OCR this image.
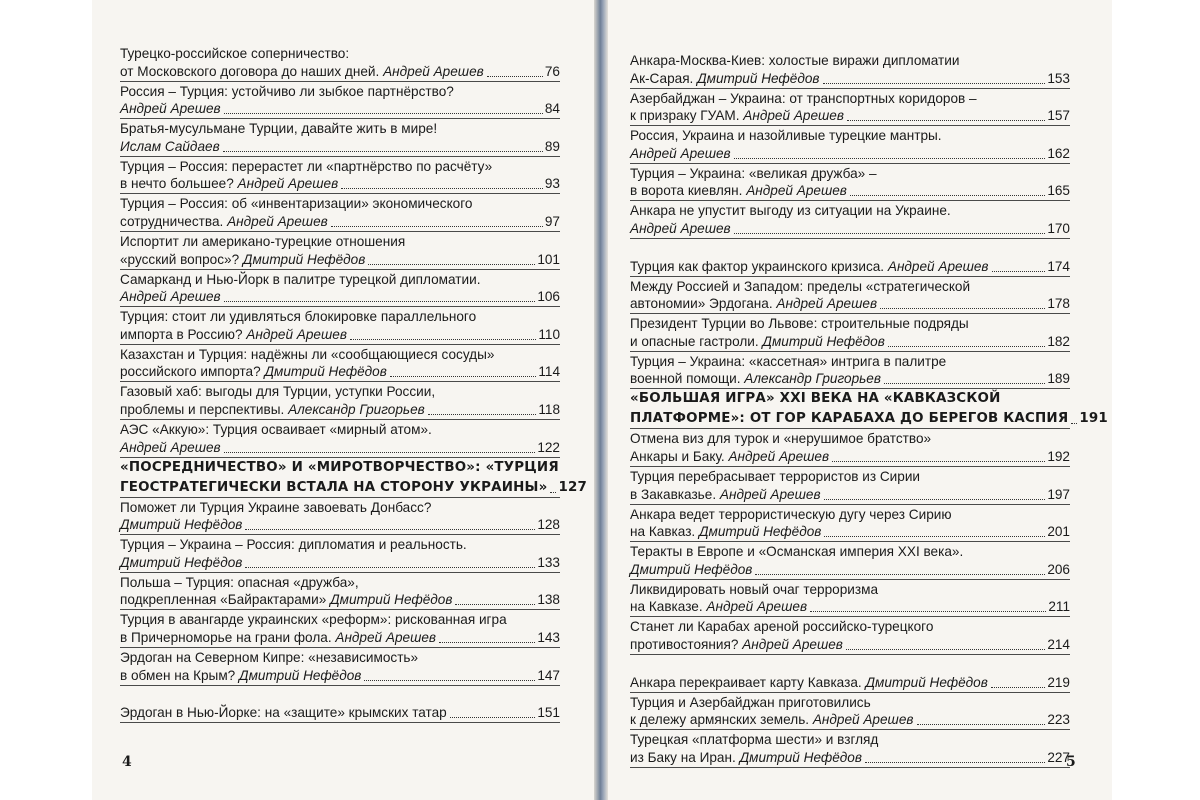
Турецко-российское соперничество:
от Московского договора до наших дней. Андрей Арешев	76
Россия – Турция: устойчиво ли зыбкое партнёрство?
Андрей Арешев	84
Братья-мусульмане Турции, давайте жить в мире!
Ислам Сайдаев	89
Турция – Россия: перерастет ли «партнёрство по расчёту»
в нечто большее? Андрей Арешев	93
Турция – Россия: об «инвентаризации» экономического
сотрудничества. Андрей Арешев	97
Испортит ли американо-турецкие отношения
«русский вопрос»? Дмитрий Нефёдов	101
Самарканд и Нью-Йорк в палитре турецкой дипломатии.
Андрей Арешев	106
Турция: стоит ли удивляться блокировке параллельного
импорта в Россию? Андрей Арешев	110
Казахстан и Турция: надёжны ли «сообщающиеся сосуды»
российского импорта? Дмитрий Нефёдов	114
Газовый хаб: выгоды для Турции, уступки России,
проблемы и перспективы. Александр Григорьев	118
АЭС «Аккую»: Турция осваивает «мирный атом».
Андрей Арешев	122
«ПОСРЕДНИЧЕСТВО» И «МИРОТВОРЧЕСТВО»: «ТУРЦИЯ
ГЕОСТРАТЕГИЧЕСКИ ВСТАЛА НА СТОРОНУ УКРАИНЫ» 127
Поможет ли Турция Украине завоевать Донбасс?
Дмитрий Нефёдов	128
Турция – Украина – Россия: дипломатия и реальность.
Дмитрий Нефёдов	133
Польша – Турция: опасная «дружба»,
подкрепленная «Байрактарами» Дмитрий Нефёдов	138
Турция в авангарде украинских «реформ»: рискованная игра
в Причерноморье на грани фола. Андрей Арешев	143
Эрдоган на Северном Кипре: «независимость»
в обмен на Крым? Дмитрий Нефёдов	147
Эрдоган в Нью-Йорке: на «защите» крымских татар	151
4
Анкара-Москва-Киев: холостые виражи дипломатии
Ак-Сарая. Дмитрий Нефёдов	153
Азербайджан – Украина: от транспортных коридоров –
к призраку ГУАМ. Андрей Арешев	157
Россия, Украина и назойливые турецкие мантры.
Андрей Арешев	162
Турция – Украина: «великая дружба» –
в ворота киевлян. Андрей Арешев	165
Анкара не упустит выгоду из ситуации на Украине.
Андрей Арешев	170
Турция как фактор украинского кризиса. Андрей Арешев	174
Между Россией и Западом: пределы «стратегической
автономии» Эрдогана. Андрей Арешев	178
Президент Турции во Львове: строительные подряды
и опасные гастроли. Дмитрий Нефёдов	182
Турция – Украина: «кассетная» интрига в палитре
военной помощи. Александр Григорьев	189
«БОЛЬШАЯ ИГРА» XXI ВЕКА НА «КАВКАЗСКОЙ
ПЛАТФОРМЕ»: ОТ ГОР КАРАБАХА ДО БЕРЕГОВ КАСПИЯ 191
Отмена виз для турок и «нерушимое братство»
Анкары и Баку. Андрей Арешев	192
Турция перебрасывает террористов из Сирии
в Закавказье. Андрей Арешев	197
Анкара ведет террористическую дугу через Сирию
на Кавказ. Дмитрий Нефёдов	201
Теракты в Европе и «Османская империя XXI века».
Дмитрий Нефёдов	206
Ликвидировать новый очаг терроризма
на Кавказе. Андрей Арешев	211
Станет ли Карабах ареной российско-турецкого
противостояния? Андрей Арешев	214
Анкара перекраивает карту Кавказа. Дмитрий Нефёдов	219
Турция и Азербайджан приготовились
к дележу армянских земель. Андрей Арешев	223
Турецкая «платформа шести» и взгляд
из Баку на Иран. Дмитрий Нефёдов	227
5
